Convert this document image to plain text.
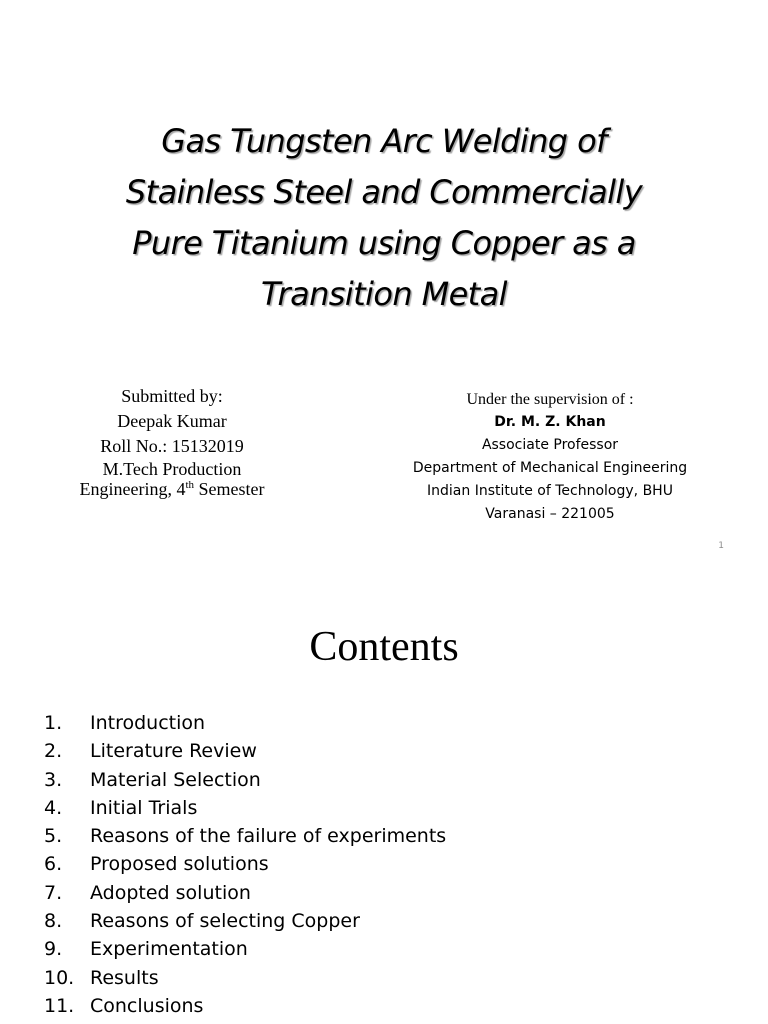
Gas Tungsten Arc Welding of
Stainless Steel and Commercially
Pure Titanium using Copper as a
Transition Metal
Submitted by:
Deepak Kumar
Roll No.: 15132019
M.Tech Production
Engineering, 4th Semester
Under the supervision of :
Dr. M. Z. Khan
Associate Professor
Department of Mechanical Engineering
Indian Institute of Technology, BHU
Varanasi – 221005
1
Contents
1.	Introduction
2.	Literature Review
3.	Material Selection
4.	Initial Trials
5.	Reasons of the failure of experiments
6.	Proposed solutions
7.	Adopted solution
8.	Reasons of selecting Copper
9.	Experimentation
10. Results
11. Conclusions
